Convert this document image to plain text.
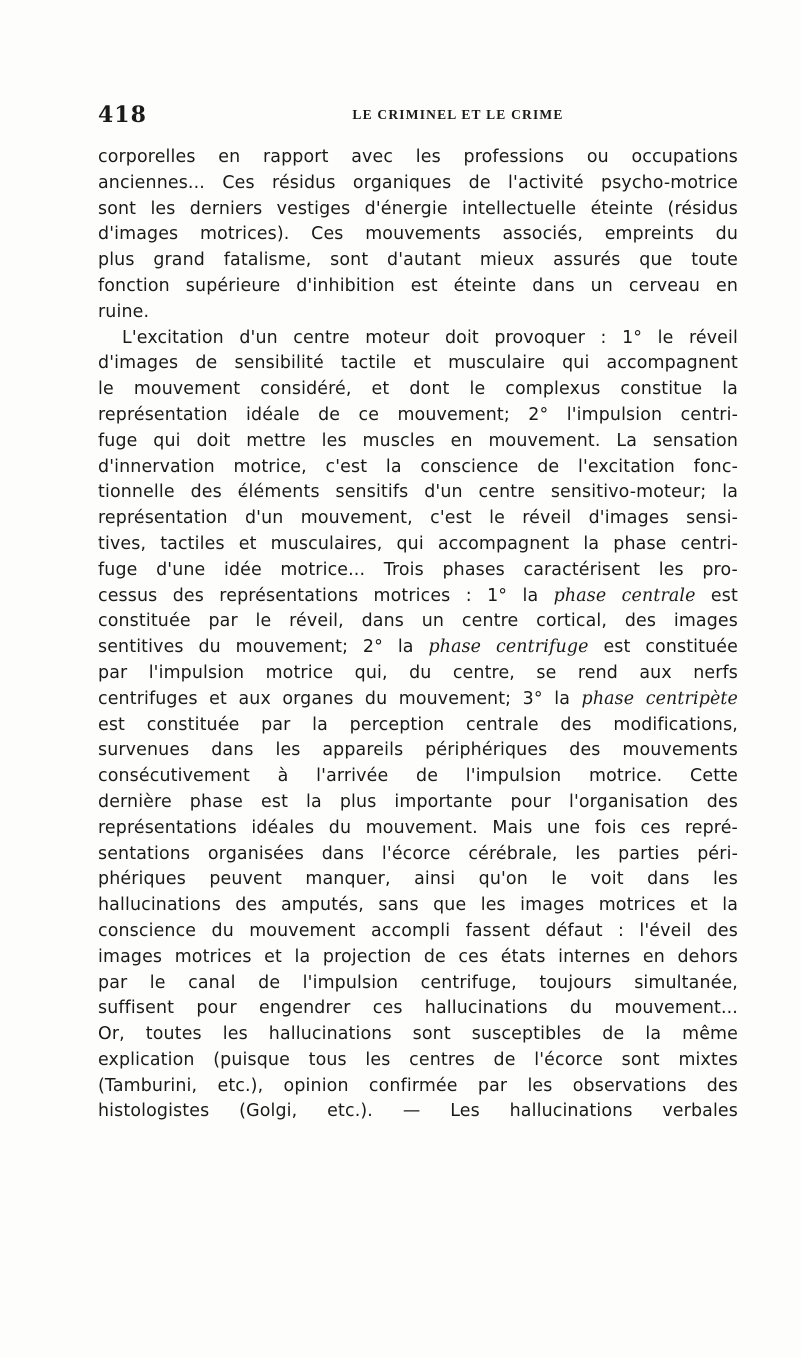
418	LE CRIMINEL ET LE CRIME
corporelles en rapport avec les professions ou occupations
anciennes... Ces résidus organiques de l'activité psycho-motrice
sont les derniers vestiges d'énergie intellectuelle éteinte (résidus
d'images motrices). Ces mouvements associés, empreints du
plus grand fatalisme, sont d'autant mieux assurés que toute
fonction supérieure d'inhibition est éteinte dans un cerveau en
ruine.
L'excitation d'un centre moteur doit provoquer : 1° le réveil
d'images de sensibilité tactile et musculaire qui accompagnent
le mouvement considéré, et dont le complexus constitue la
représentation idéale de ce mouvement; 2° l'impulsion centri-
fuge qui doit mettre les muscles en mouvement. La sensation
d'innervation motrice, c'est la conscience de l'excitation fonc-
tionnelle des éléments sensitifs d'un centre sensitivo-moteur; la
représentation d'un mouvement, c'est le réveil d'images sensi-
tives, tactiles et musculaires, qui accompagnent la phase centri-
fuge d'une idée motrice... Trois phases caractérisent les pro-
cessus des représentations motrices : 1° la phase centrale est
constituée par le réveil, dans un centre cortical, des images
sentitives du mouvement; 2° la phase centrifuge est constituée
par l'impulsion motrice qui, du centre, se rend aux nerfs
centrifuges et aux organes du mouvement; 3° la phase centripète
est constituée par la perception centrale des modifications,
survenues dans les appareils périphériques des mouvements
consécutivement à l'arrivée de l'impulsion motrice. Cette
dernière phase est la plus importante pour l'organisation des
représentations idéales du mouvement. Mais une fois ces repré-
sentations organisées dans l'écorce cérébrale, les parties péri-
phériques peuvent manquer, ainsi qu'on le voit dans les
hallucinations des amputés, sans que les images motrices et la
conscience du mouvement accompli fassent défaut : l'éveil des
images motrices et la projection de ces états internes en dehors
par le canal de l'impulsion centrifuge, toujours simultanée,
suffisent pour engendrer ces hallucinations du mouvement...
Or, toutes les hallucinations sont susceptibles de la même
explication (puisque tous les centres de l'écorce sont mixtes
(Tamburini, etc.), opinion confirmée par les observations des
histologistes (Golgi, etc.). — Les hallucinations verbales
